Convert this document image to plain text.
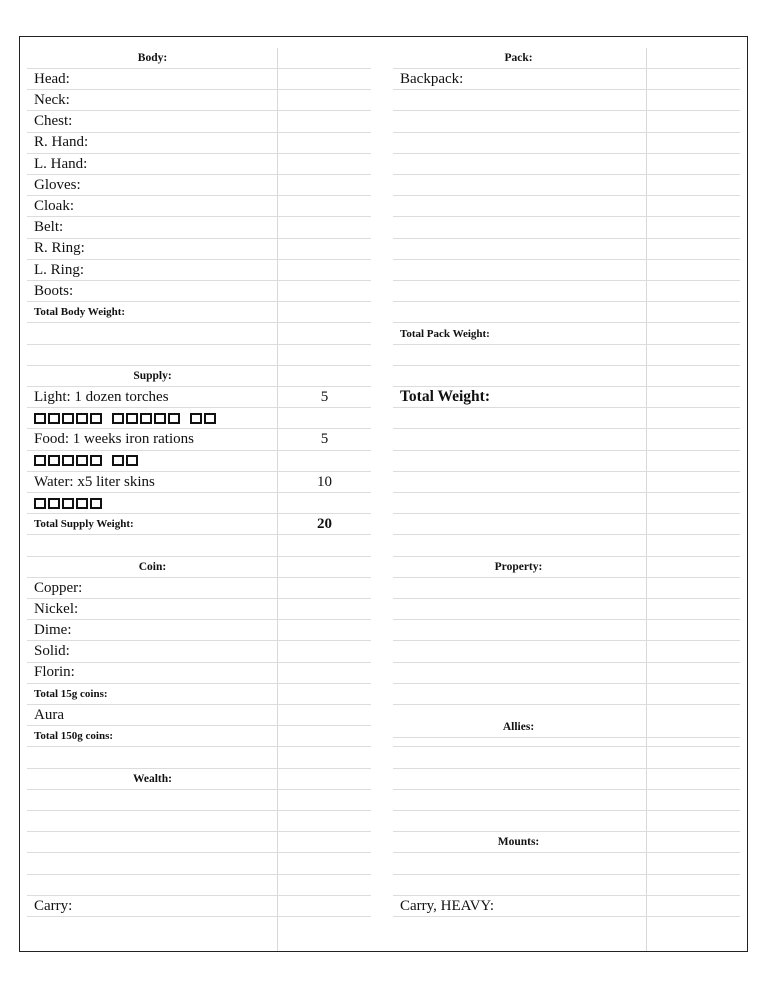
Body:
Head:
Neck:
Chest:
R. Hand:
L. Hand:
Gloves:
Cloak:
Belt:
R. Ring:
L. Ring:
Boots:
Total Body Weight:
Supply:
Light: 1 dozen torches	5
Food: 1 weeks iron rations	5
Water: x5 liter skins	10
Total Supply Weight:	20
Coin:
Copper:
Nickel:
Dime:
Solid:
Florin:
Total 15g coins:
Aura
Total 150g coins:
Wealth:
Carry:
Pack:
Backpack:
Total Pack Weight:
Total Weight:
Property:
Allies:
Mounts:
Carry, HEAVY:
